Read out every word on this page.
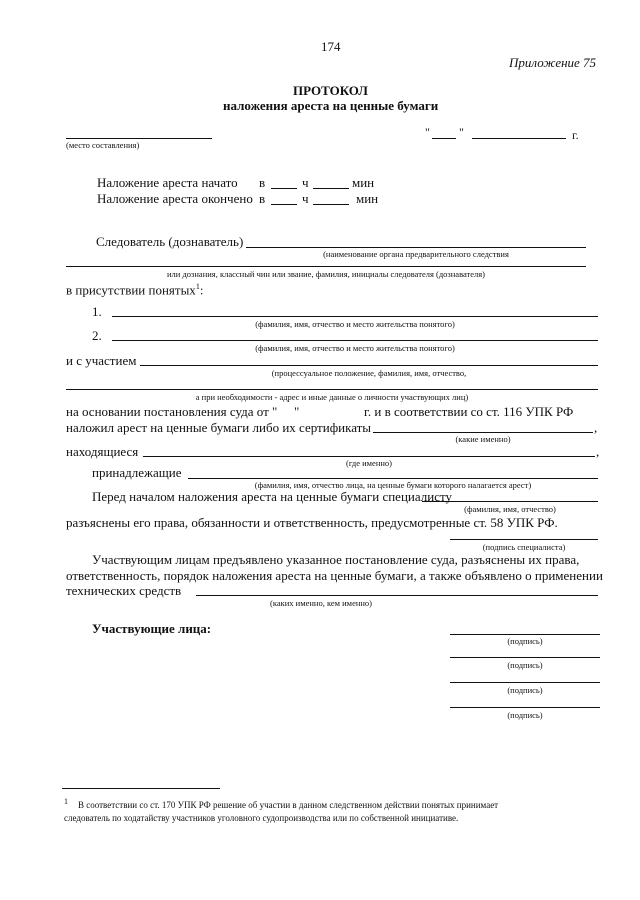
174
Приложение 75
ПРОТОКОЛ
наложения ареста на ценные бумаги
(место составления)
" "	г.
Наложение ареста начато в	ч	мин
Наложение ареста окончено в	ч	мин
Следователь (дознаватель)
(наименование органа предварительного следствия
или дознания, классный чин или звание, фамилия, инициалы следователя (дознавателя)
в присутствии понятых$^1$:
1.
(фамилия, имя, отчество и место жительства понятого)
2.
(фамилия, имя, отчество и место жительства понятого)
и с участием
(процессуальное положение, фамилия, имя, отчество,
а при необходимости - адрес и иные данные о личности участвующих лиц)
на основании постановления суда от " "	г. и в соответствии со ст. 116 УПК РФ
наложил арест на ценные бумаги либо их сертификаты	,
(какие именно)
находящиеся	,
(где именно)
принадлежащие
(фамилия, имя, отчество лица, на ценные бумаги которого налагается арест)
Перед началом наложения ареста на ценные бумаги специалисту
(фамилия, имя, отчество)
разъяснены его права, обязанности и ответственность, предусмотренные ст. 58 УПК РФ.
(подпись специалиста)
Участвующим лицам предъявлено указанное постановление суда, разъяснены их права,
ответственность, порядок наложения ареста на ценные бумаги, а также объявлено о применении
технических средств
(каких именно, кем именно)
Участвующие лица:
(подпись)
(подпись)
(подпись)
(подпись)
1 В соответствии со ст. 170 УПК РФ решение об участии в данном следственном действии понятых принимает
следователь по ходатайству участников уголовного судопроизводства или по собственной инициативе.
